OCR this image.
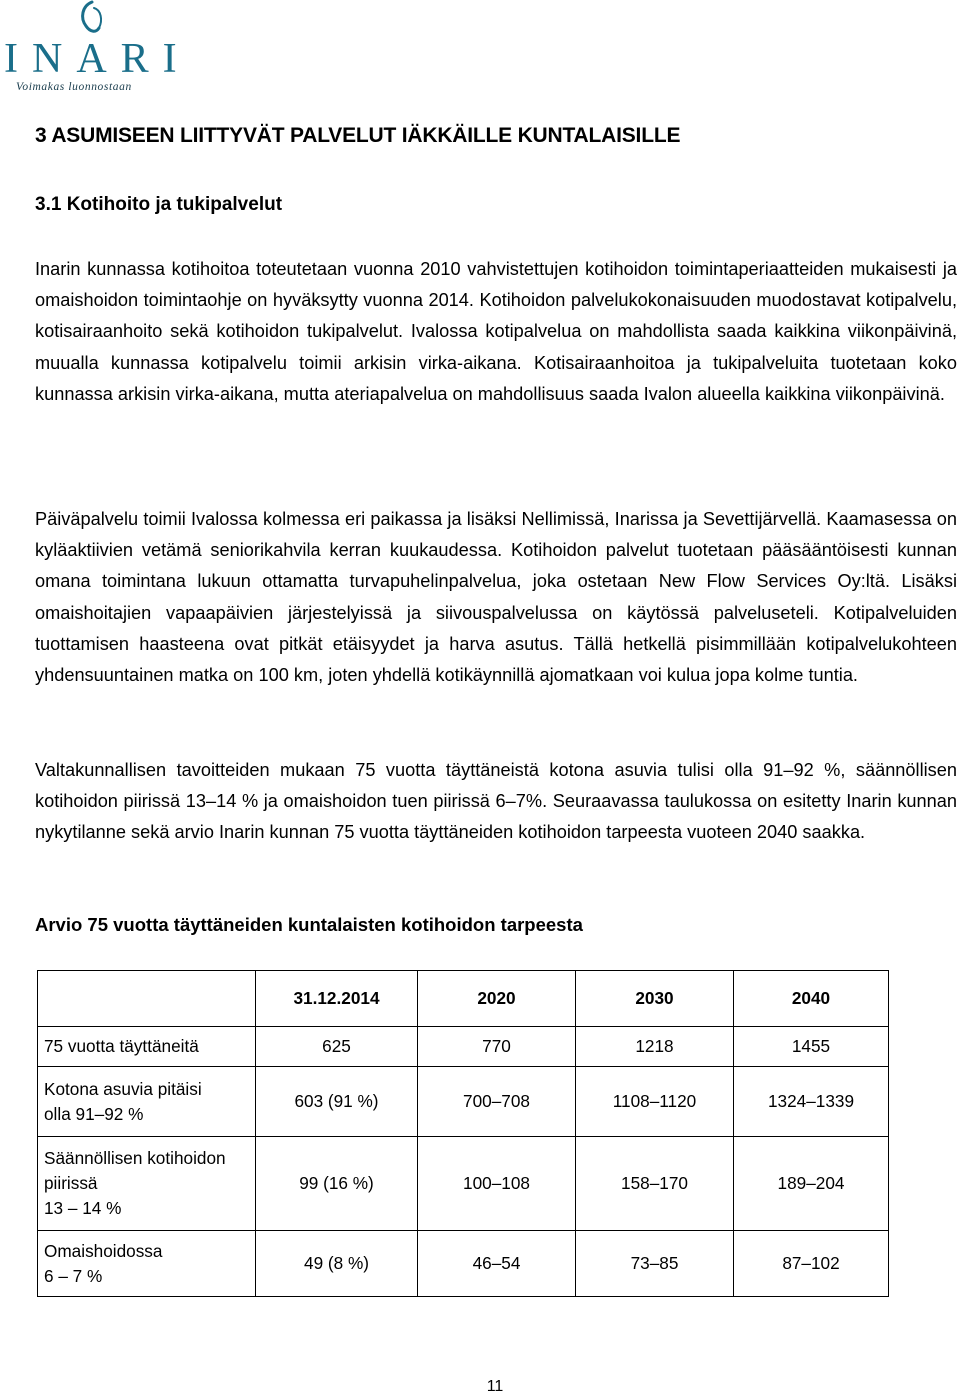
INARI
Voimakas luonnostaan
3 ASUMISEEN LIITTYVÄT PALVELUT IÄKKÄILLE KUNTALAISILLE
3.1 Kotihoito ja tukipalvelut

Inarin kunnassa kotihoitoa toteutetaan vuonna 2010 vahvistettujen kotihoidon toimintaperiaatteiden mukaisesti ja omaishoidon toimintaohje on hyväksytty vuonna 2014. Kotihoidon palvelukokonaisuuden muodostavat kotipalvelu, kotisairaanhoito sekä kotihoidon tukipalvelut. Ivalossa kotipalvelua on mahdollista saada kaikkina viikonpäivinä, muualla kunnassa kotipalvelu toimii arkisin virka-aikana. Kotisairaanhoitoa ja tukipalveluita tuotetaan koko kunnassa arkisin virka-aikana, mutta ateriapalvelua on mahdollisuus saada Ivalon alueella kaikkina viikonpäivinä.

Päiväpalvelu toimii Ivalossa kolmessa eri paikassa ja lisäksi Nellimissä, Inarissa ja Sevettijärvellä. Kaamasessa on kyläaktiivien vetämä seniorikahvila kerran kuukaudessa. Kotihoidon palvelut tuotetaan pääsääntöisesti kunnan omana toimintana lukuun ottamatta turvapuhelinpalvelua, joka ostetaan New Flow Services Oy:ltä. Lisäksi omaishoitajien vapaapäivien järjestelyissä ja siivouspalvelussa on käytössä palveluseteli. Kotipalveluiden tuottamisen haasteena ovat pitkät etäisyydet ja harva asutus. Tällä hetkellä pisimmillään kotipalvelukohteen yhdensuuntainen matka on 100 km, joten yhdellä kotikäynnillä ajomatkaan voi kulua jopa kolme tuntia.

Valtakunnallisen tavoitteiden mukaan 75 vuotta täyttäneistä kotona asuvia tulisi olla 91–92 %, säännöllisen kotihoidon piirissä 13–14 % ja omaishoidon tuen piirissä 6–7%. Seuraavassa taulukossa on esitetty Inarin kunnan nykytilanne sekä arvio Inarin kunnan 75 vuotta täyttäneiden kotihoidon tarpeesta vuoteen 2040 saakka.

Arvio 75 vuotta täyttäneiden kuntalaisten kotihoidon tarpeesta
	31.12.2014	2020	2030	2040

75 vuotta täyttäneitä	625	770	1218	1455

Kotona asuvia pitäisi
olla 91–92 %	603 (91 %)	700–708	1108–1120	1324–1339

Säännöllisen kotihoidon
piirissä
13 – 14 %	99 (16 %)	100–108	158–170	189–204

Omaishoidossa
6 – 7 %	49 (8 %)	46–54	73–85	87–102
11
